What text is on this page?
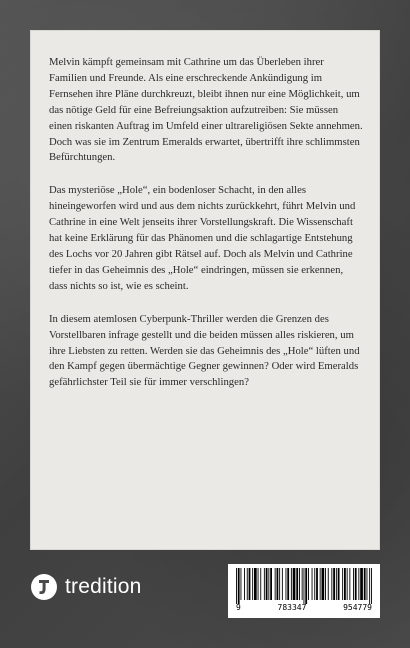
Melvin kämpft gemeinsam mit Cathrine um das Überleben ihrer Familien und Freunde. Als eine erschreckende Ankündigung im Fernsehen ihre Pläne durchkreuzt, bleibt ihnen nur eine Möglichkeit, um das nötige Geld für eine Befreiungsaktion aufzutreiben: Sie müssen einen riskanten Auftrag im Umfeld einer ultrareligiösen Sekte annehmen. Doch was sie im Zentrum Emeralds erwartet, übertrifft ihre schlimmsten Befürchtungen.

Das mysteriöse „Hole“, ein bodenloser Schacht, in den alles hineingeworfen wird und aus dem nichts zurückkehrt, führt Melvin und Cathrine in eine Welt jenseits ihrer Vorstellungskraft. Die Wissenschaft hat keine Erklärung für das Phänomen und die schlagartige Entstehung des Lochs vor 20 Jahren gibt Rätsel auf. Doch als Melvin und Cathrine tiefer in das Geheimnis des „Hole“ eindringen, müssen sie erkennen, dass nichts so ist, wie es scheint.

In diesem atemlosen Cyberpunk-Thriller werden die Grenzen des Vorstellbaren infrage gestellt und die beiden müssen alles riskieren, um ihre Liebsten zu retten. Werden sie das Geheimnis des „Hole“ lüften und den Kampf gegen übermächtige Gegner gewinnen? Oder wird Emeralds gefährlichster Teil sie für immer verschlingen?

tredition
9	783347	954779
